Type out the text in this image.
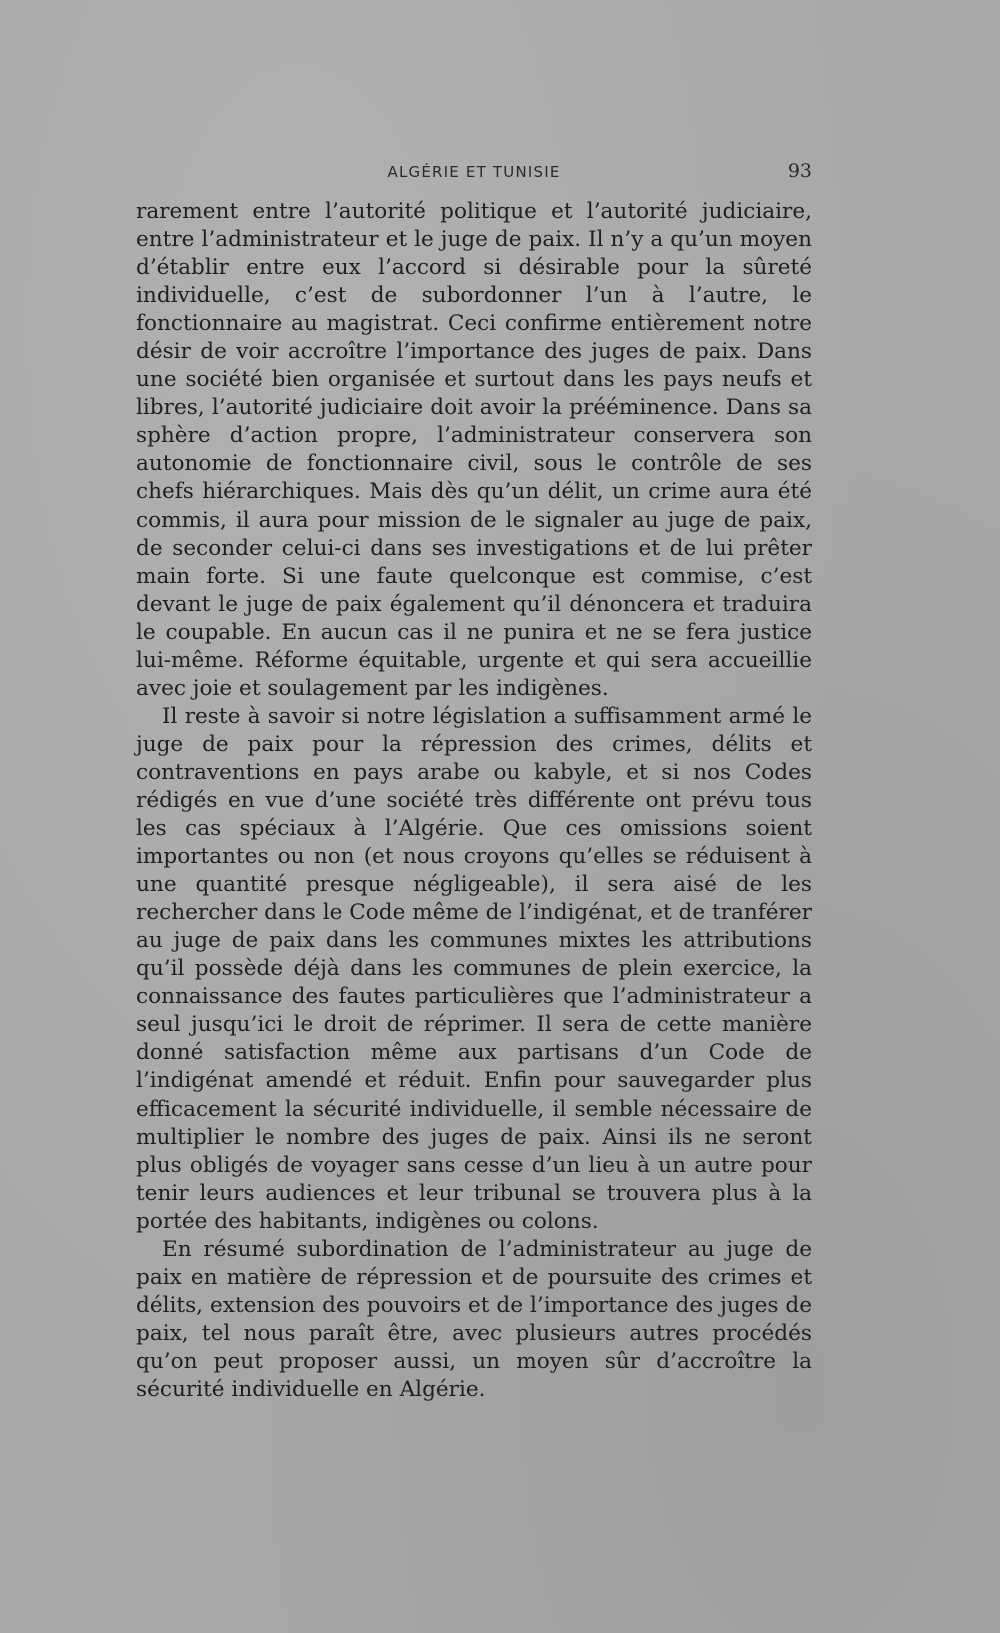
ALGÉRIE ET TUNISIE	93

rarement entre l’autorité politique et l’autorité judiciaire, entre l’administrateur et le juge de paix. Il n’y a qu’un moyen d’établir entre eux l’accord si désirable pour la sûreté individuelle, c’est de subordonner l’un à l’autre, le fonctionnaire au magistrat. Ceci confirme entièrement notre désir de voir accroître l’importance des juges de paix. Dans une société bien organisée et surtout dans les pays neufs et libres, l’autorité judiciaire doit avoir la prééminence. Dans sa sphère d’action propre, l’administrateur conservera son autonomie de fonctionnaire civil, sous le contrôle de ses chefs hiérarchiques. Mais dès qu’un délit, un crime aura été commis, il aura pour mission de le signaler au juge de paix, de seconder celui-ci dans ses investigations et de lui prêter main forte. Si une faute quelconque est commise, c’est devant le juge de paix également qu’il dénoncera et traduira le coupable. En aucun cas il ne punira et ne se fera justice lui-même. Réforme équitable, urgente et qui sera accueillie avec joie et soulagement par les indigènes.

Il reste à savoir si notre législation a suffisamment armé le juge de paix pour la répression des crimes, délits et contraventions en pays arabe ou kabyle, et si nos Codes rédigés en vue d’une société très différente ont prévu tous les cas spéciaux à l’Algérie. Que ces omissions soient importantes ou non (et nous croyons qu’elles se réduisent à une quantité presque négligeable), il sera aisé de les rechercher dans le Code même de l’indigénat, et de tranférer au juge de paix dans les communes mixtes les attributions qu’il possède déjà dans les communes de plein exercice, la connaissance des fautes particulières que l’administrateur a seul jusqu’ici le droit de réprimer. Il sera de cette manière donné satisfaction même aux partisans d’un Code de l’indigénat amendé et réduit. Enfin pour sauvegarder plus efficacement la sécurité individuelle, il semble nécessaire de multiplier le nombre des juges de paix. Ainsi ils ne seront plus obligés de voyager sans cesse d’un lieu à un autre pour tenir leurs audiences et leur tribunal se trouvera plus à la portée des habitants, indigènes ou colons.

En résumé subordination de l’administrateur au juge de paix en matière de répression et de poursuite des crimes et délits, extension des pouvoirs et de l’importance des juges de paix, tel nous paraît être, avec plusieurs autres procédés qu’on peut proposer aussi, un moyen sûr d’accroître la sécurité individuelle en Algérie.
